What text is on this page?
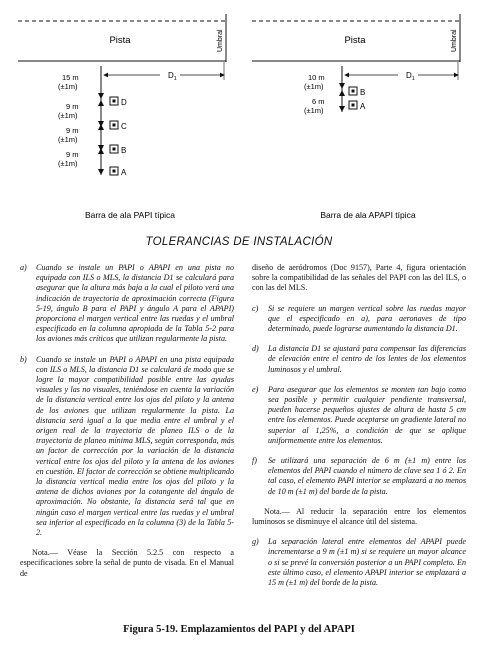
Pista	Umbral
$D_1$
15 m
(±1m)
9 m
(±1m)
9 m
(±1m)
9 m
(±1m)
D
C
B
A
Barra de ala PAPI típica
Pista	Umbral
$D_1$
10 m
(±1m)
6 m
(±1m)
B
A
Barra de ala APAPI típica
TOLERANCIAS DE INSTALACIÓN
a)	Cuando se instale un PAPI o APAPI en una pista no equipada con ILS o MLS, la distancia D1 se calculará para asegurar que la altura más baja a la cual el piloto verá una indicación de trayectoria de aproximación correcta (Figura 5-19, ángulo B para el PAPI y ángulo A para el APAPI) proporciona el margen vertical entre las ruedas y el umbral especificado en la columna apropiada de la Tabla 5-2 para los aviones más críticos que utilizan regularmente la pista.
b)	Cuando se instale un PAPI o APAPI en una pista equipada con ILS o MLS, la distancia D1 se calculará de modo que se logre la mayor compatibilidad posible entre las ayudas visuales y las no visuales, teniéndose en cuenta la variación de la distancia vertical entre los ojos del piloto y la antena de los aviones que utilizan regularmente la pista. La distancia será igual a la que media entre el umbral y el origen real de la trayectoria de planeo ILS o de la trayectoria de planeo mínima MLS, según corresponda, más un factor de corrección por la variación de la distancia vertical entre los ojos del piloto y la antena de los aviones en cuestión. El factor de corrección se obtiene multiplicando la distancia vertical media entre los ojos del piloto y la antena de dichos aviones por la cotangente del ángulo de aproximación. No obstante, la distancia será tal que en ningún caso el margen vertical entre las ruedas y el umbral sea inferior al especificado en la columna (3) de la Tabla 5-2.

Nota.— Véase la Sección 5.2.5 con respecto a especificaciones sobre la señal de punto de visada. En el Manual de

diseño de aeródromos (Doc 9157), Parte 4, figura orientación sobre la compatibilidad de las señales del PAPI con las del ILS, o con las del MLS.

c)	Si se requiere un margen vertical sobre las ruedas mayor que el especificado en a), para aeronaves de tipo determinado, puede lograrse aumentando la distancia D1.
d)	La distancia D1 se ajustará para compensar las diferencias de elevación entre el centro de los lentes de los elementos luminosos y el umbral.
e)	Para asegurar que los elementos se monten tan bajo como sea posible y permitir cualquier pendiente transversal, pueden hacerse pequeños ajustes de altura de hasta 5 cm entre los elementos. Puede aceptarse un gradiente lateral no superior al 1,25%, a condición de que se aplique uniformemente entre los elementos.
f)	Se utilizará una separación de 6 m (±1 m) entre los elementos del PAPI cuando el número de clave sea 1 ó 2. En tal caso, el elemento PAPI interior se emplazará a no menos de 10 m (±1 m) del borde de la pista.

Nota.— Al reducir la separación entre los elementos luminosos se disminuye el alcance útil del sistema.

g)	La separación lateral entre elementos del APAPI puede incrementarse a 9 m (±1 m) si se requiere un mayor alcance o si se prevé la conversión posterior a un PAPI completo. En este último caso, el elemento APAPI interior se emplazará a 15 m (±1 m) del borde de la pista.
Figura 5-19. Emplazamientos del PAPI y del APAPI
